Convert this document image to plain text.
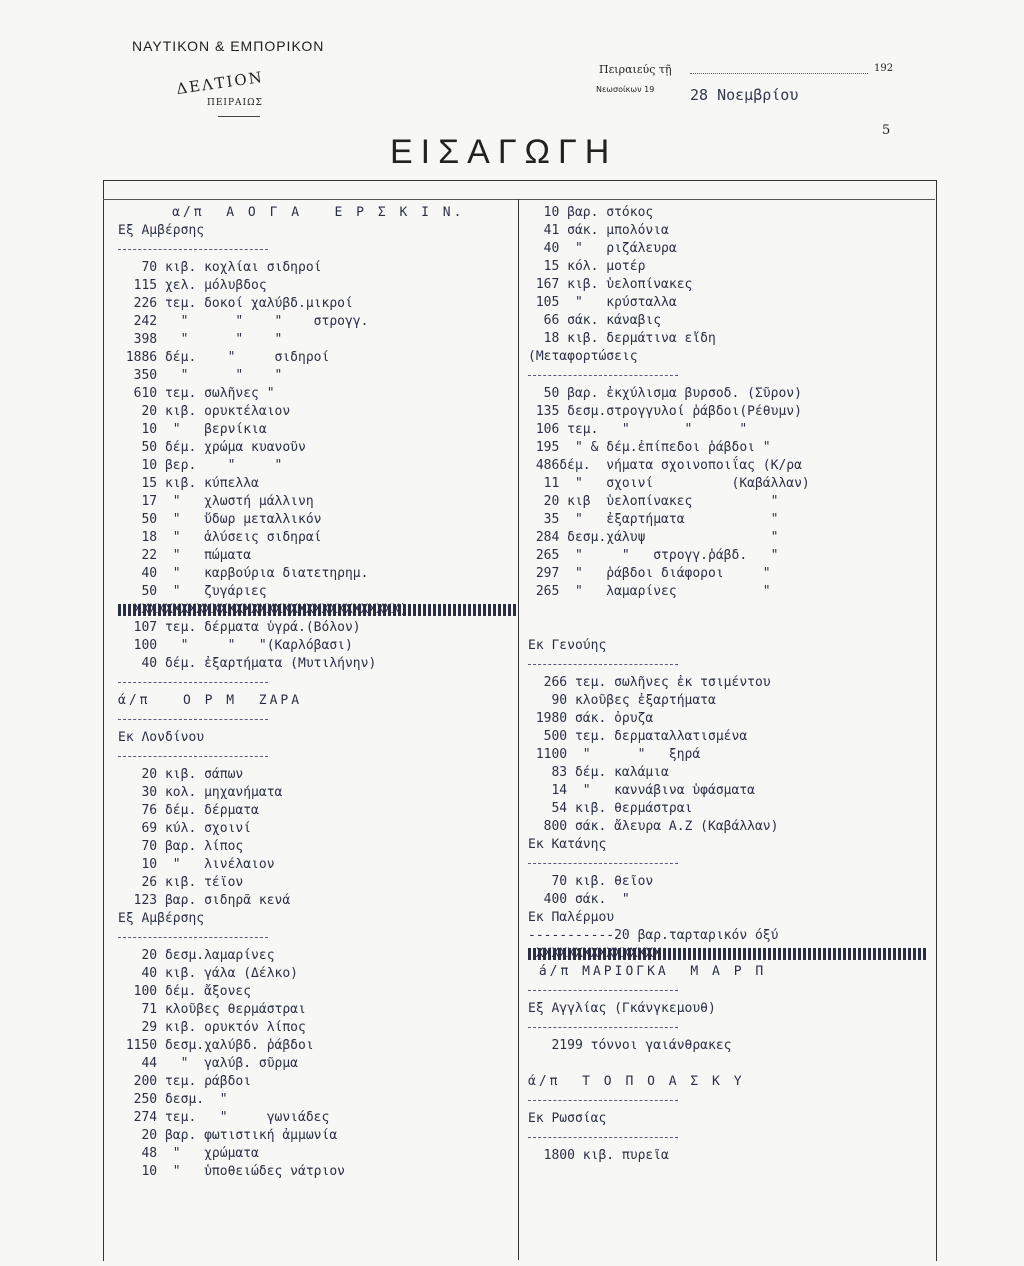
ΝΑΥΤΙΚΟΝ & ΕΜΠΟΡΙΚΟΝ
ΔΕΛΤΙΟΝ
ΠΕΙΡΑΙΩΣ
Πειραιεύς τῇ	192
Νεωσοίκων 19 28 Νοεμβρίου
5
ΕΙΣΑΓΩΓΗ
α/π  Α Ο Γ Α   Ε Ρ Σ Κ Ι Ν.
Εξ Αμβέρσης
70 κιβ. κοχλίαι σιδηροί
115 χελ. μόλυβδος
226 τεμ. δοκοί χαλύβδ.μικροί
242   "      "    "    στρογγ.
398   "      "    "
1886 δέμ.    "     σιδηροί
350   "      "    "
610 τεμ. σωλῆνες "
20 κιβ. ορυκτέλαιον
10  "   βερνίκια
50 δέμ. χρώμα κυανοῦν
10 βερ.    "     "
15 κιβ. κύπελλα
17  "   χλωστή μάλλινη
50  "   ὕδωρ μεταλλικόν
18  "   ἁλύσεις σιδηραί
22  "   πώματα
40  "   καρβούρια διατετηρημ.
50  "   ζυγάριες
ΧΧΧΧΧΧΧΧΧΧΧΧΧΧΧΧΧΧΧΧΧΧΧΧΧΧΧΧΧΧΧΧΧΧ)
107 τεμ. δέρματα ὑγρά.(Βόλον)
100   "     "   "(Καρλόβασι)
40 δέμ. ἐξαρτήματα (Μυτιλήνην)
ά/π   Ο Ρ Μ  ΖΑΡΑ
Εκ Λονδίνου
20 κιβ. σάπων
30 κολ. μηχανήματα
76 δέμ. δέρματα
69 κύλ. σχοινί
70 βαρ. λίπος
10  "   λινέλαιον
26 κιβ. τέϊον
123 βαρ. σιδηρᾶ κενά
Εξ Αμβέρσης
20 δεσμ.λαμαρίνες
40 κιβ. γάλα (Δέλκο)
100 δέμ. ἄξονες
71 κλοῦβες θερμάστραι
29 κιβ. ορυκτόν λίπος
1150 δεσμ.χαλύβδ. ῥάβδοι
44   "  γαλύβ. σῦρμα
200 τεμ. ράβδοι
250 δεσμ.  "
274 τεμ.   "     γωνιάδες
20 βαρ. φωτιστική ἀμμωνία
48  "   χρώματα
10  "   ὑποθειώδες νάτριον
10 βαρ. στόκος
41 σάκ. μπολόνια
40  "   ριζάλευρα
15 κόλ. μοτέρ
167 κιβ. ὑελοπίνακες
105  "   κρύσταλλα
66 σάκ. κάναβις
18 κιβ. δερμάτινα εἴδη
(Μεταφορτώσεις
50 βαρ. ἐκχύλισμα βυρσοδ. (Σῦρον)
135 δεσμ.στρογγυλοί ῥάβδοι(Ρέθυμν)
106 τεμ.   "       "      "
195  " & δέμ.ἐπίπεδοι ῥάβδοι "
486δέμ.  νήματα σχοινοποιΐας (Κ/ρα
11  "   σχοινί          (Καβάλλαν)
20 κιβ  ὑελοπίνακες          "
35  "   ἐξαρτήματα           "
284 δεσμ.χάλυψ                "
265  "     "   στρογγ.ῥάβδ.   "
297  "   ῥάβδοι διάφοροι     "
265  "   λαμαρίνες           "
Εκ Γενούης
266 τεμ. σωλῆνες ἐκ τσιμέντου
90 κλοῦβες ἐξαρτήματα
1980 σάκ. ὀρυζα
500 τεμ. δερματαλλατισμένα
1100  "      "   ξηρά
83 δέμ. καλάμια
14  "   καννάβινα ὑφάσματα
54 κιβ. θερμάστραι
800 σάκ. ἄλευρα Α.Ζ (Καβάλλαν)
Εκ Κατάνης
70 κιβ. θεῖον
400 σάκ.  "
Εκ Παλέρμου
-----------20 βαρ.ταρταρικόν όξύ
ΧΧΧΧΧΧΧΧΧΧΧΧΧΧΧΧ
á/π ΜΑΡΙΟΓΚΑ  Μ Α Ρ Π
Εξ Αγγλίας (Γκάνγκεμουθ)
2199 τόννοι γαιάνθρακες
ά/π  Τ Ο Π Ο Α Σ Κ Υ
Εκ Ρωσσίας
1800 κιβ. πυρεῖα
